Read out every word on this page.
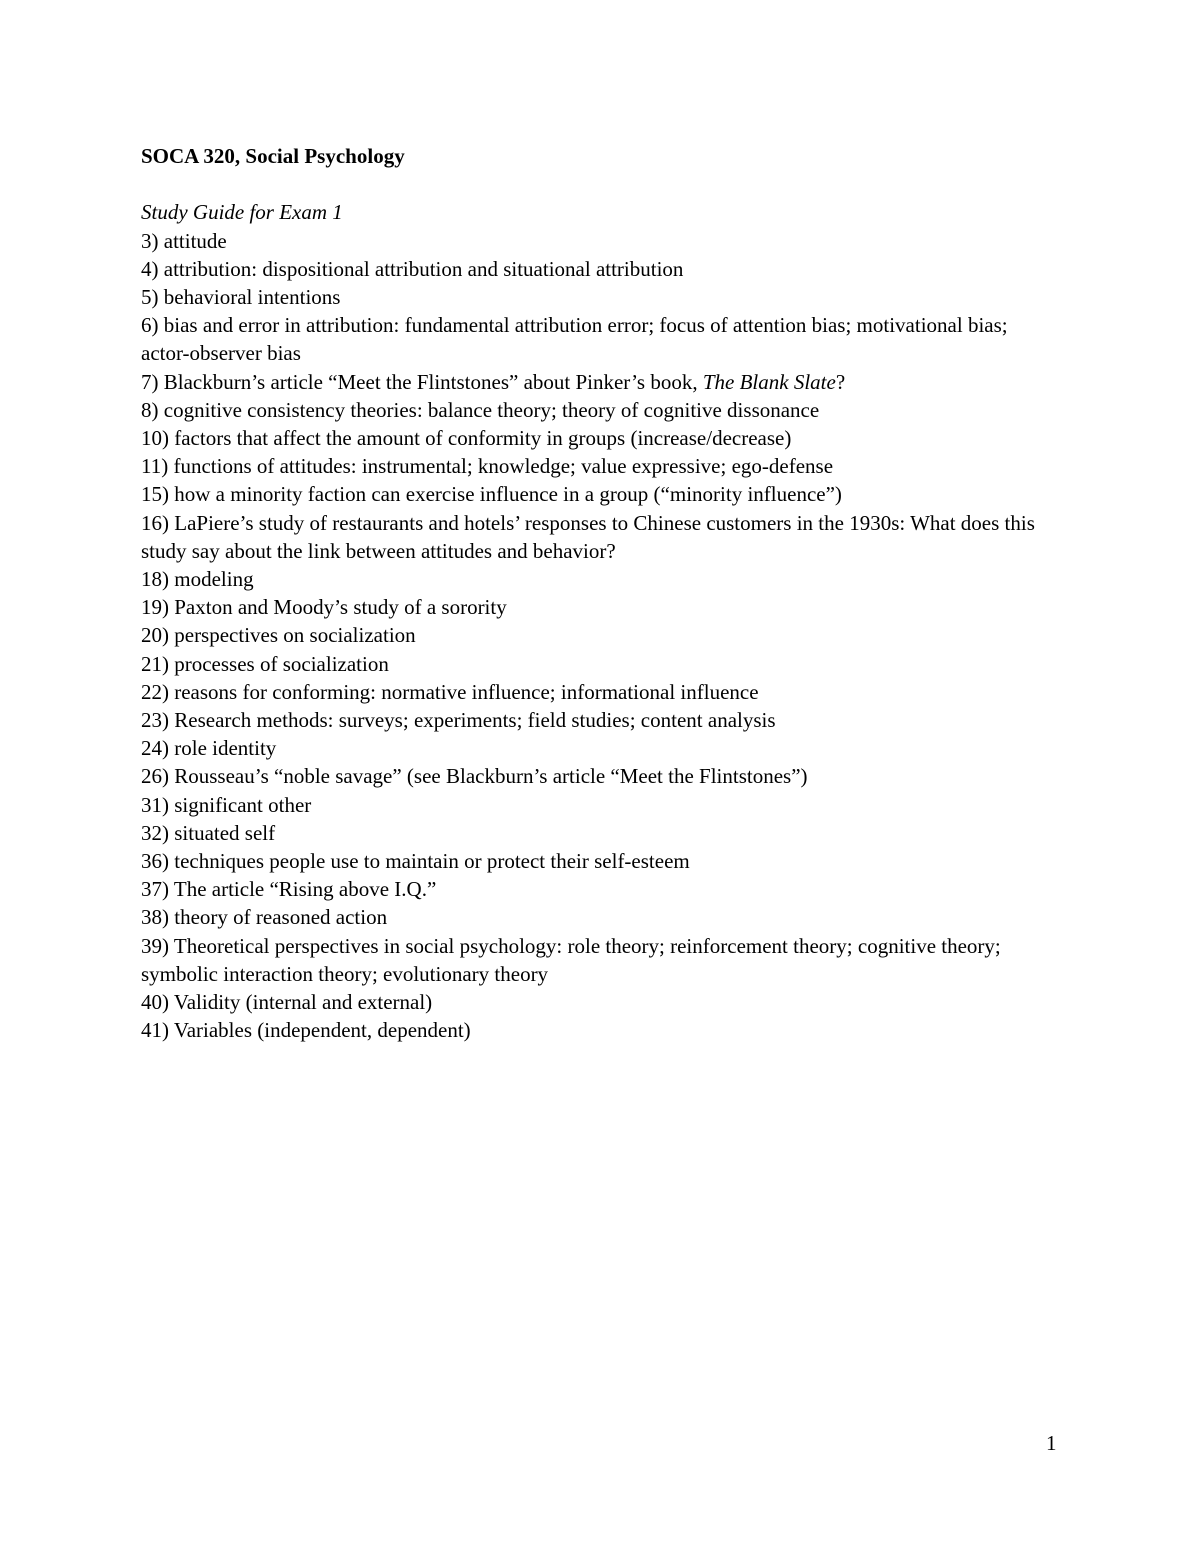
SOCA 320, Social Psychology
Study Guide for Exam 1
3) attitude
4) attribution: dispositional attribution and situational attribution
5) behavioral intentions
6) bias and error in attribution: fundamental attribution error; focus of attention bias; motivational bias; actor-observer bias
7) Blackburn’s article “Meet the Flintstones” about Pinker’s book, The Blank Slate?
8) cognitive consistency theories: balance theory; theory of cognitive dissonance
10) factors that affect the amount of conformity in groups (increase/decrease)
11) functions of attitudes: instrumental; knowledge; value expressive; ego-defense
15) how a minority faction can exercise influence in a group (“minority influence”)
16) LaPiere’s study of restaurants and hotels’ responses to Chinese customers in the 1930s: What does this study say about the link between attitudes and behavior?
18) modeling
19) Paxton and Moody’s study of a sorority
20) perspectives on socialization
21) processes of socialization
22) reasons for conforming: normative influence; informational influence
23) Research methods: surveys; experiments; field studies; content analysis
24) role identity
26) Rousseau’s “noble savage” (see Blackburn’s article “Meet the Flintstones”)
31) significant other
32) situated self
36) techniques people use to maintain or protect their self-esteem
37) The article “Rising above I.Q.”
38) theory of reasoned action
39) Theoretical perspectives in social psychology: role theory; reinforcement theory; cognitive theory; symbolic interaction theory; evolutionary theory
40) Validity (internal and external)
41) Variables (independent, dependent)
1
